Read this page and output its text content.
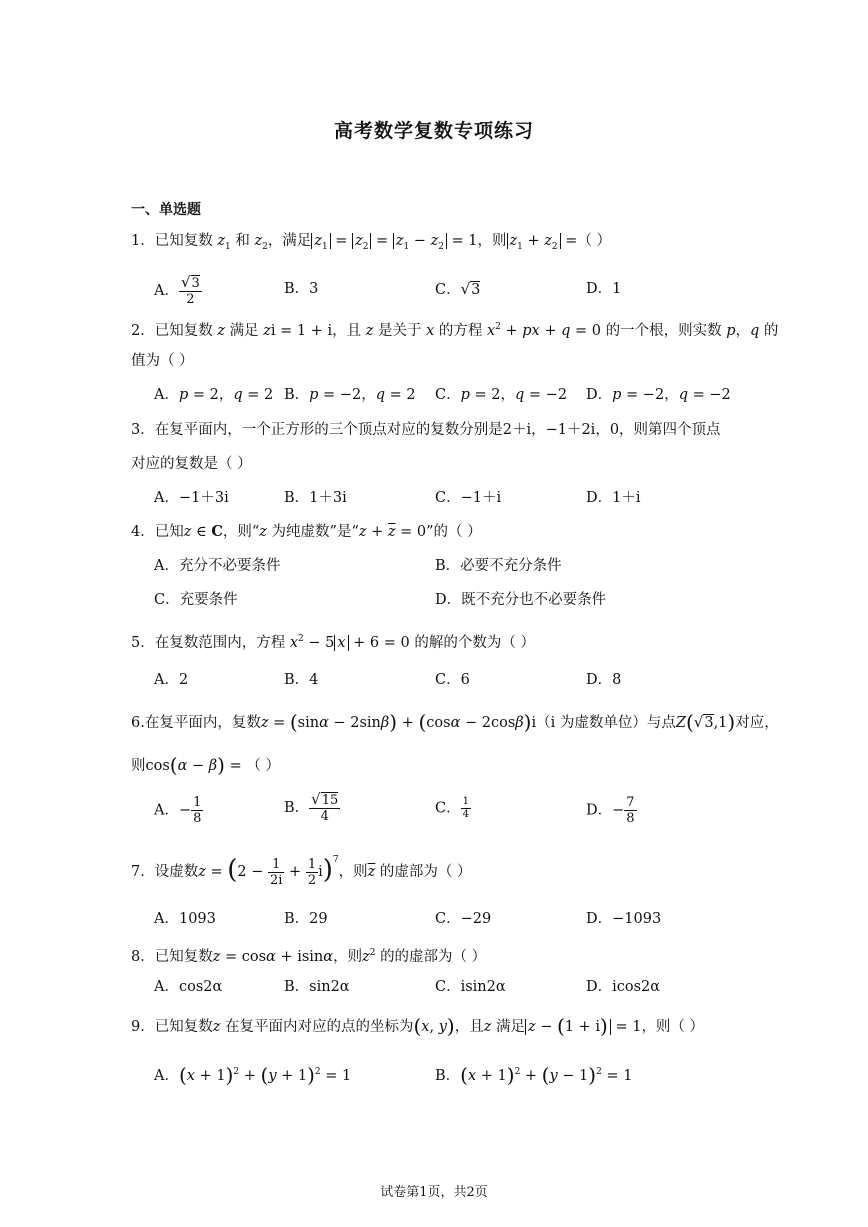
高考数学复数专项练习
一、单选题
1．已知复数 $z_1$ 和 $z_2$，满足 $z_1 = z_2 = z_1 - z_2 = 1$，则 $z_1 + z_2$ =（ ）
A． $\frac{√3}{2}$	B．3	C．√3	D．1
2．已知复数 z 满足 zi = 1 + i，且 z 是关于 x 的方程 $x^2$ + px + q = 0 的一个根，则实数 p，q 的
值为（ ）
A．p = 2，q = 2 B．p = −2，q = 2 C．p = 2，q = −2 D．p = −2，q = −2
3．在复平面内，一个正方形的三个顶点对应的复数分别是2＋i，−1＋2i，0，则第四个顶点
对应的复数是（ ）
A．−1＋3i	B．1＋3i	C．−1＋i	D．1＋i
4．已知z ∈ C，则“z 为纯虚数”是“$z + \overline{z} = 0$”的（ ）
A．充分不必要条件	B．必要不充分条件
C．充要条件	D．既不充分也不必要条件
5．在复数范围内，方程 $x^2 - 5$ x + 6 = 0 的解的个数为（ ）
A．2	B．4	C．6	D．8
6.在复平面内，复数z = (sinα − 2sinβ) + (cosα − 2cosβ)i（i 为虚数单位）与点Z(√3,1)对应，
则cos(α − β) = （ ）
A．− $\frac{1}{8}$	B． $\frac{√15}{4}$	C． $\frac{1}{4}$	D．− $\frac{7}{8}$
7．设虚数$z = (2 - \frac{1}{2i} + \frac{1}{2} i)^7$，则$\overline{z}$ 的虚部为（ ）
A．1093	B．29	C．−29	D．−1093
8．已知复数z = cosα + isinα，则$z^2$ 的的虚部为（ ）
A．cos2α	B．sin2α	C．isin2α	D．icos2α
9．已知复数z 在复平面内对应的点的坐标为(x, y)，且z 满足 z − (1 + i) = 1，则（ ）
A．$(x + 1)^2 + (y + 1)^2 = 1$	B．$(x + 1)^2 + (y - 1)^2 = 1$
试卷第1页，共2页
